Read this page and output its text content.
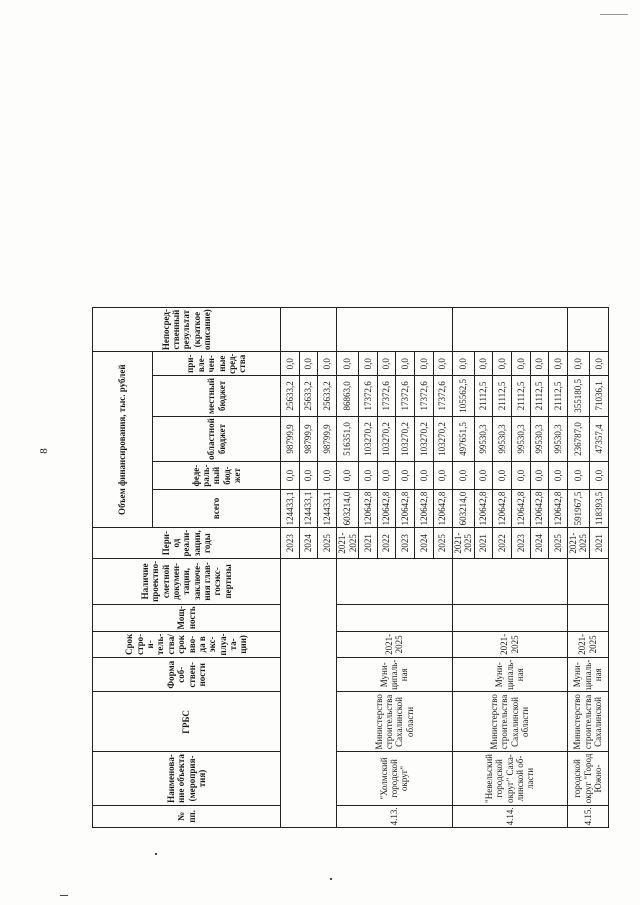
8
№ пп.	Наименова-ние объекта (мероприя-тия)	ГРБС	Форма соб-ствен-ности	Срок стро-и-тель-ства/ срок вво-да в экс-плуа-та-ции)	Мощ-ность	Наличие проектно-сметной докумен-тации, заключе-ния глав-госэкс-пертизы	Пери-од реали-зации, годы	Объем финансирования, тыс. рублей					Непосред-ственный результат (краткое описание)
								всего	феде-раль-ный бюд-жет	областной бюджет	местный бюджет	при-вле-чен-ные сред-ства	
							2023	124433,1	0,0	98799,9	25633,2	0,0	
							2024	124433,1	0,0	98799,9	25633,2	0,0	
							2025	124433,1	0,0	98799,9	25633,2	0,0	
4.13.	"Холмский городской округ"	Министерство строительства Сахалинской области	Муни-ципаль-ная	2021-2025			2021-2025	603214,0	0,0	516351,0	86863,0	0,0	
							2021	120642,8	0,0	103270,2	17372,6	0,0	
							2022	120642,8	0,0	103270,2	17372,6	0,0	
							2023	120642,8	0,0	103270,2	17372,6	0,0	
							2024	120642,8	0,0	103270,2	17372,6	0,0	
							2025	120642,8	0,0	103270,2	17372,6	0,0	
4.14.	"Невельский городской округ" Саха-линской об-ласти	Министерство строительства Сахалинской области	Муни-ципаль-ная	2021-2025			2021-2025	603214,0	0,0	497651,5	105562,5	0,0	
							2021	120642,8	0,0	99530,3	21112,5	0,0	
							2022	120642,8	0,0	99530,3	21112,5	0,0	
							2023	120642,8	0,0	99530,3	21112,5	0,0	
							2024	120642,8	0,0	99530,3	21112,5	0,0	
							2025	120642,8	0,0	99530,3	21112,5	0,0	
4.15.	городской округ "Город Южно-	Министерство строительства Сахалинской	Муни-ципаль-ная	2021-2025			2021-2025	591967,5	0,0	236787,0	355180,5	0,0	
							2021	118393,5	0,0	47357,4	71036,1	0,0	
